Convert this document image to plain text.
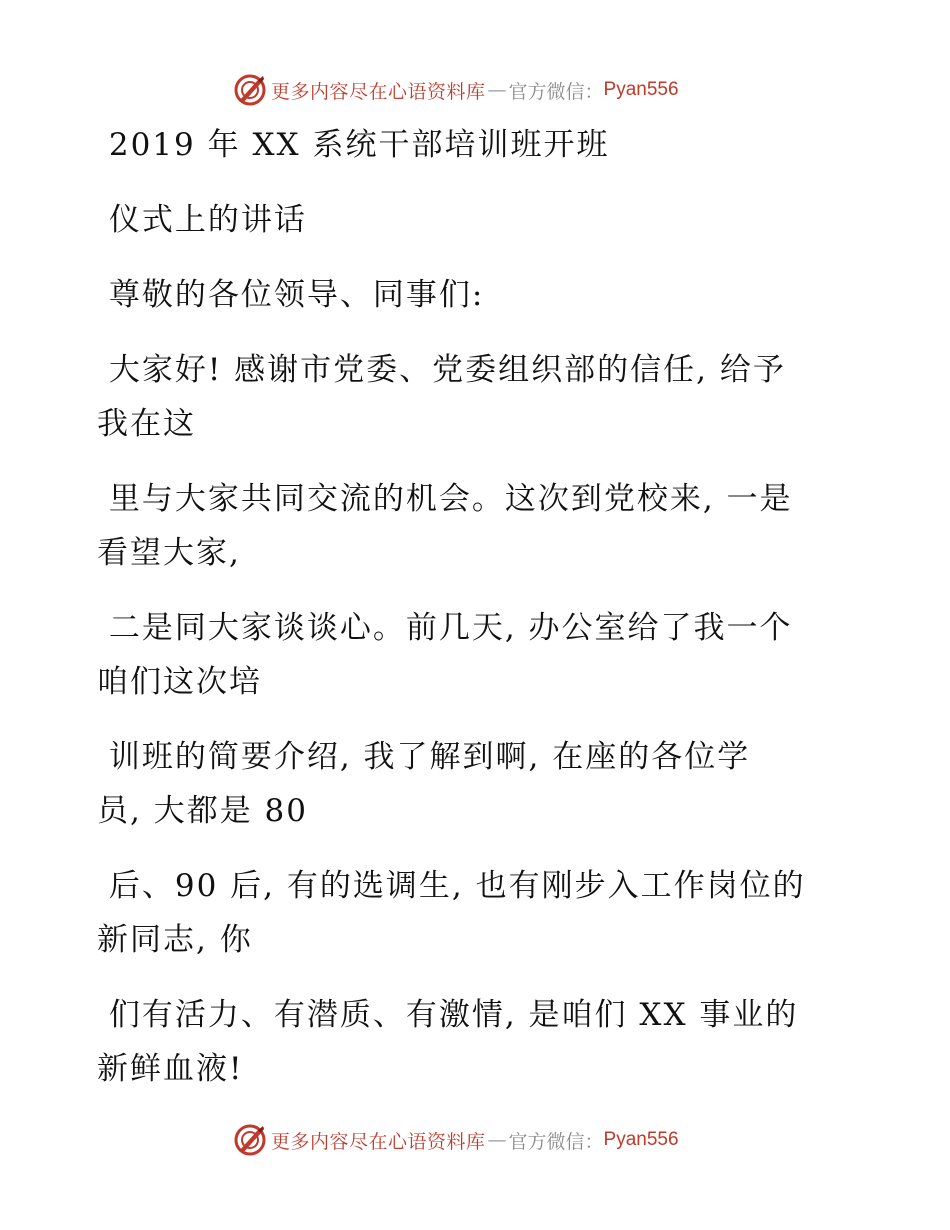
更多内容尽在心语资料库 — 官方微信： Pyan556

2019 年 XX 系统干部培训班开班

仪式上的讲话

尊敬的各位领导、同事们:

大家好! 感谢市党委、党委组织部的信任, 给予

我在这

里与大家共同交流的机会。这次到党校来, 一是

看望大家,

二是同大家谈谈心。前几天, 办公室给了我一个

咱们这次培

训班的简要介绍, 我了解到啊, 在座的各位学

员, 大都是 80

后、90 后, 有的选调生, 也有刚步入工作岗位的

新同志, 你

们有活力、有潜质、有激情, 是咱们 XX 事业的

新鲜血液!

更多内容尽在心语资料库 — 官方微信： Pyan556
